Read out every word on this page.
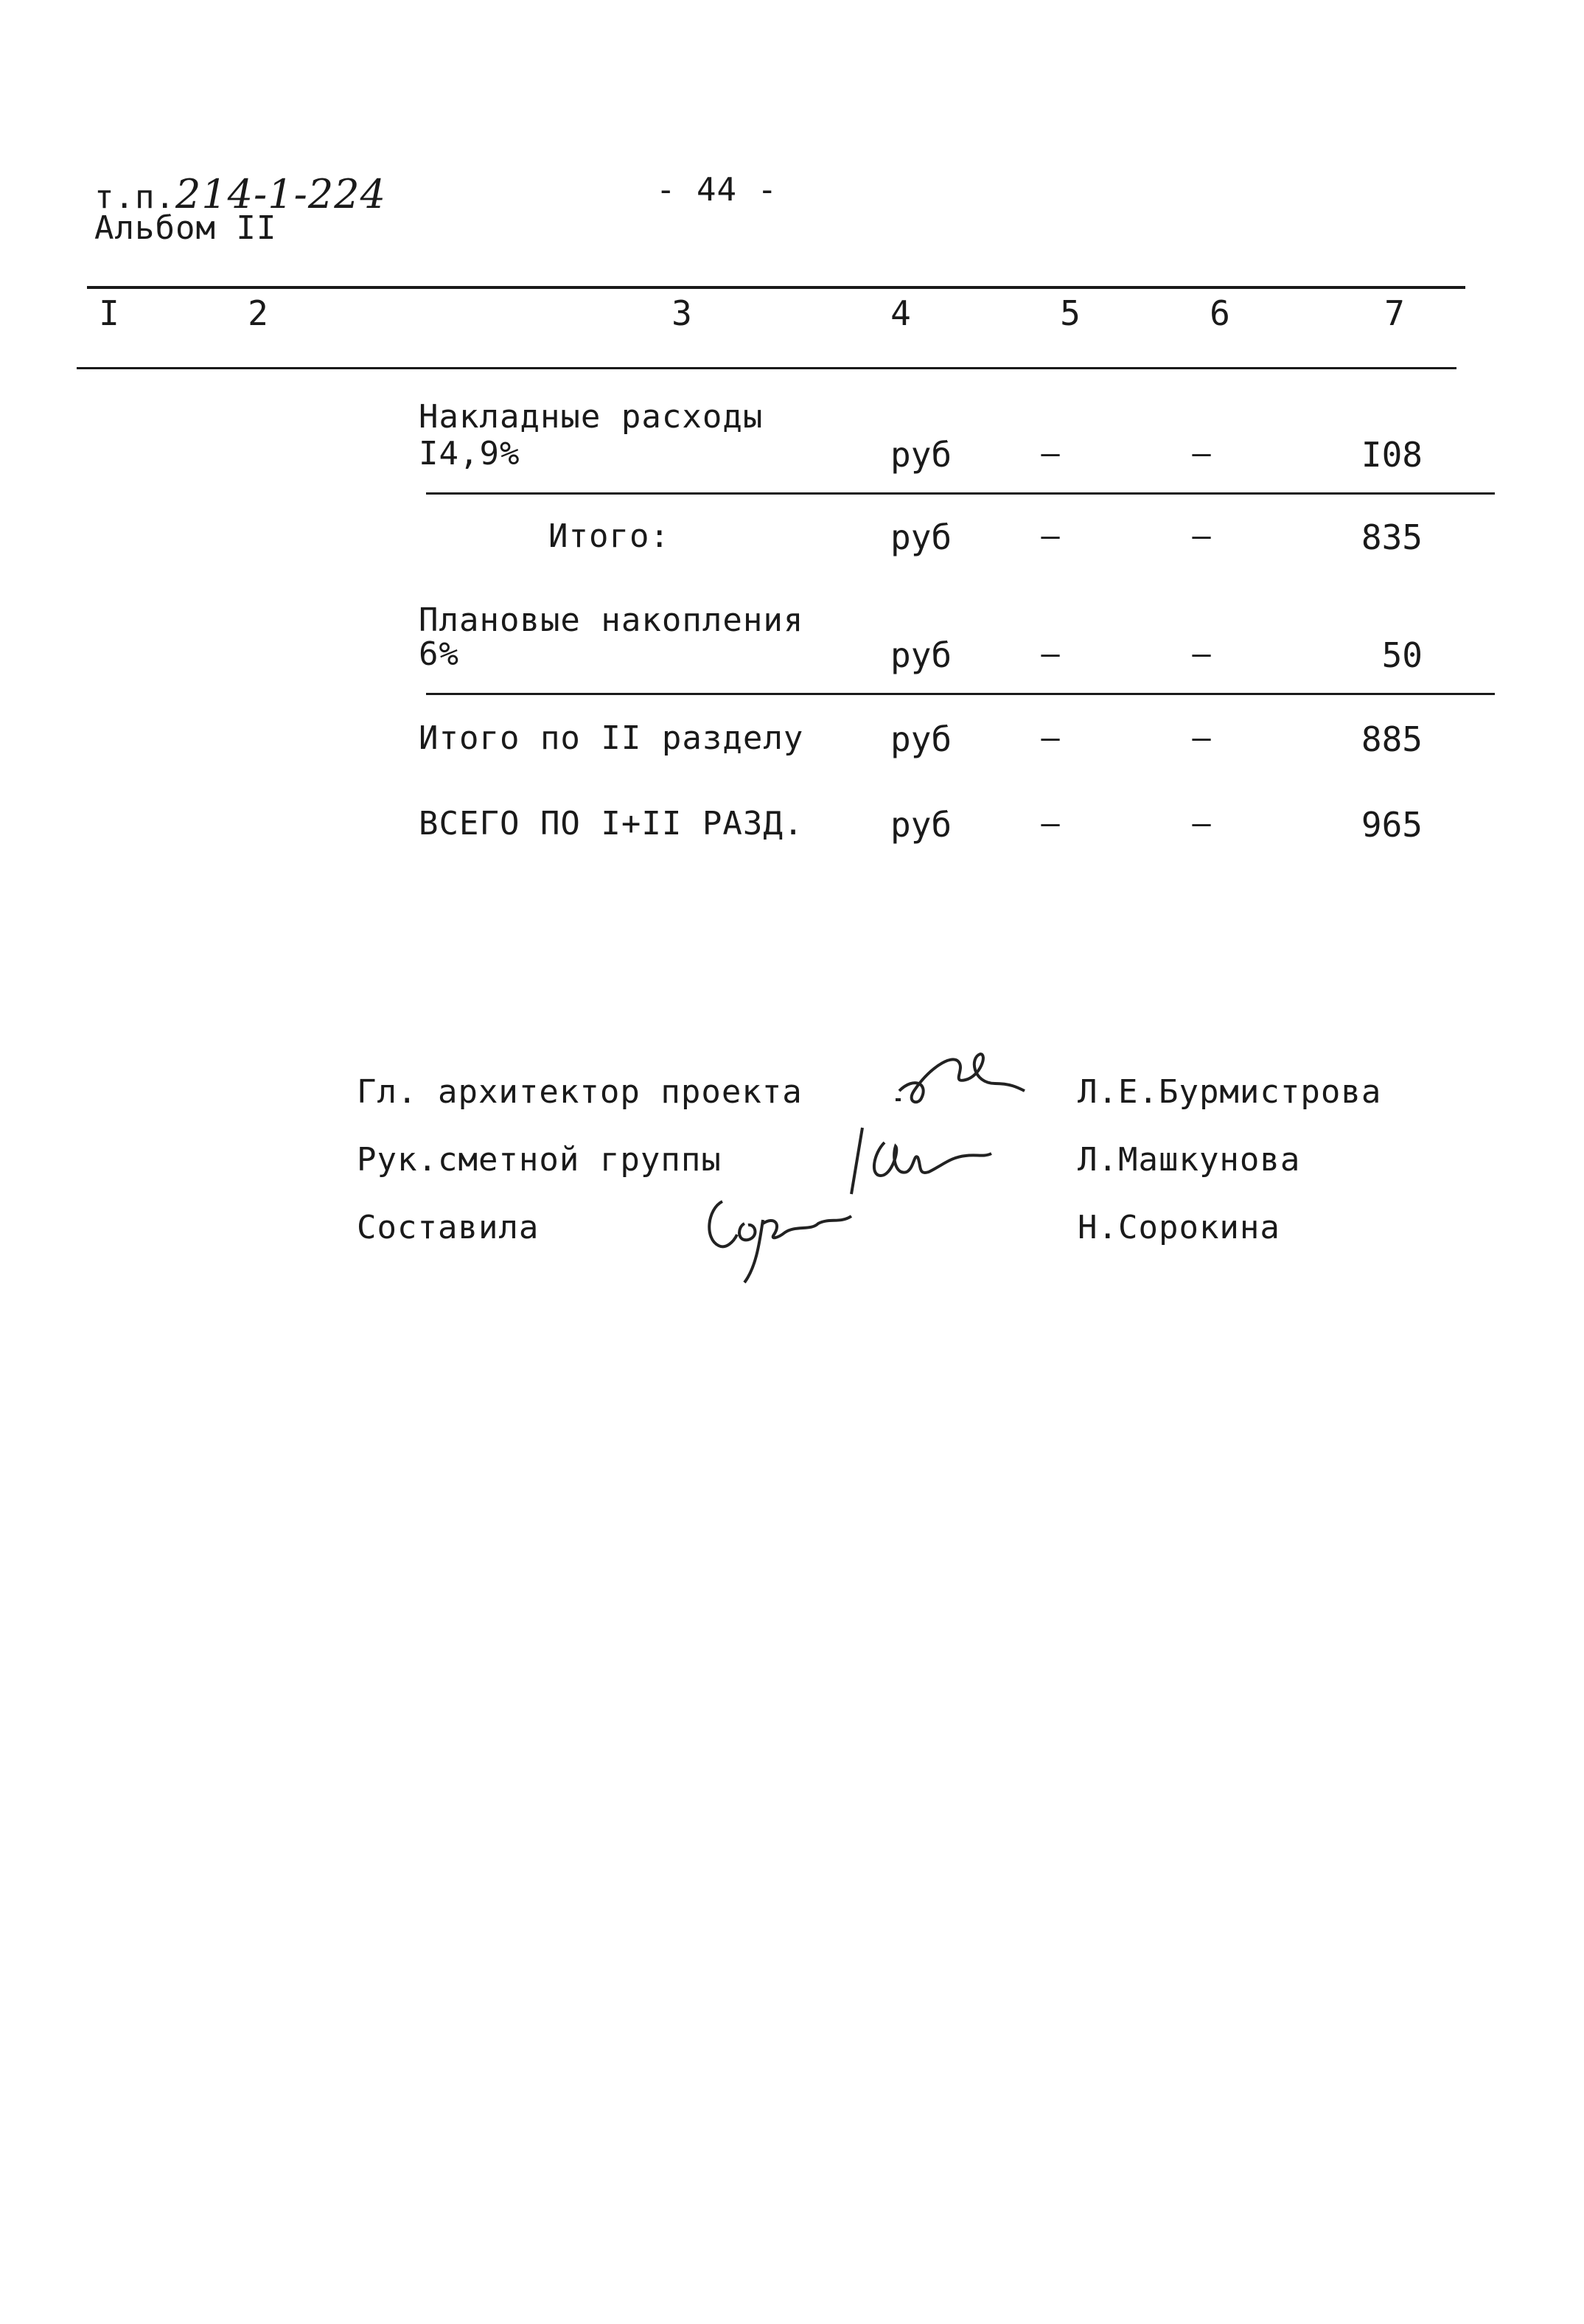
т.п.214-1-224
Альбом II
- 44 -
I	2	3	4	5	6	7
Накладные расходы
I4,9%	руб	–	–	I08
Итого:	руб	–	–	835
Плановые накопления
6%	руб	–	–	50
Итого по II разделу	руб	–	–	885
ВСЕГО ПО I+II РАЗД.	руб	–	–	965
Гл. архитектор проекта	Л.Е.Бурмистрова
Рук.сметной группы	Л.Машкунова
Составила	Н.Сорокина
